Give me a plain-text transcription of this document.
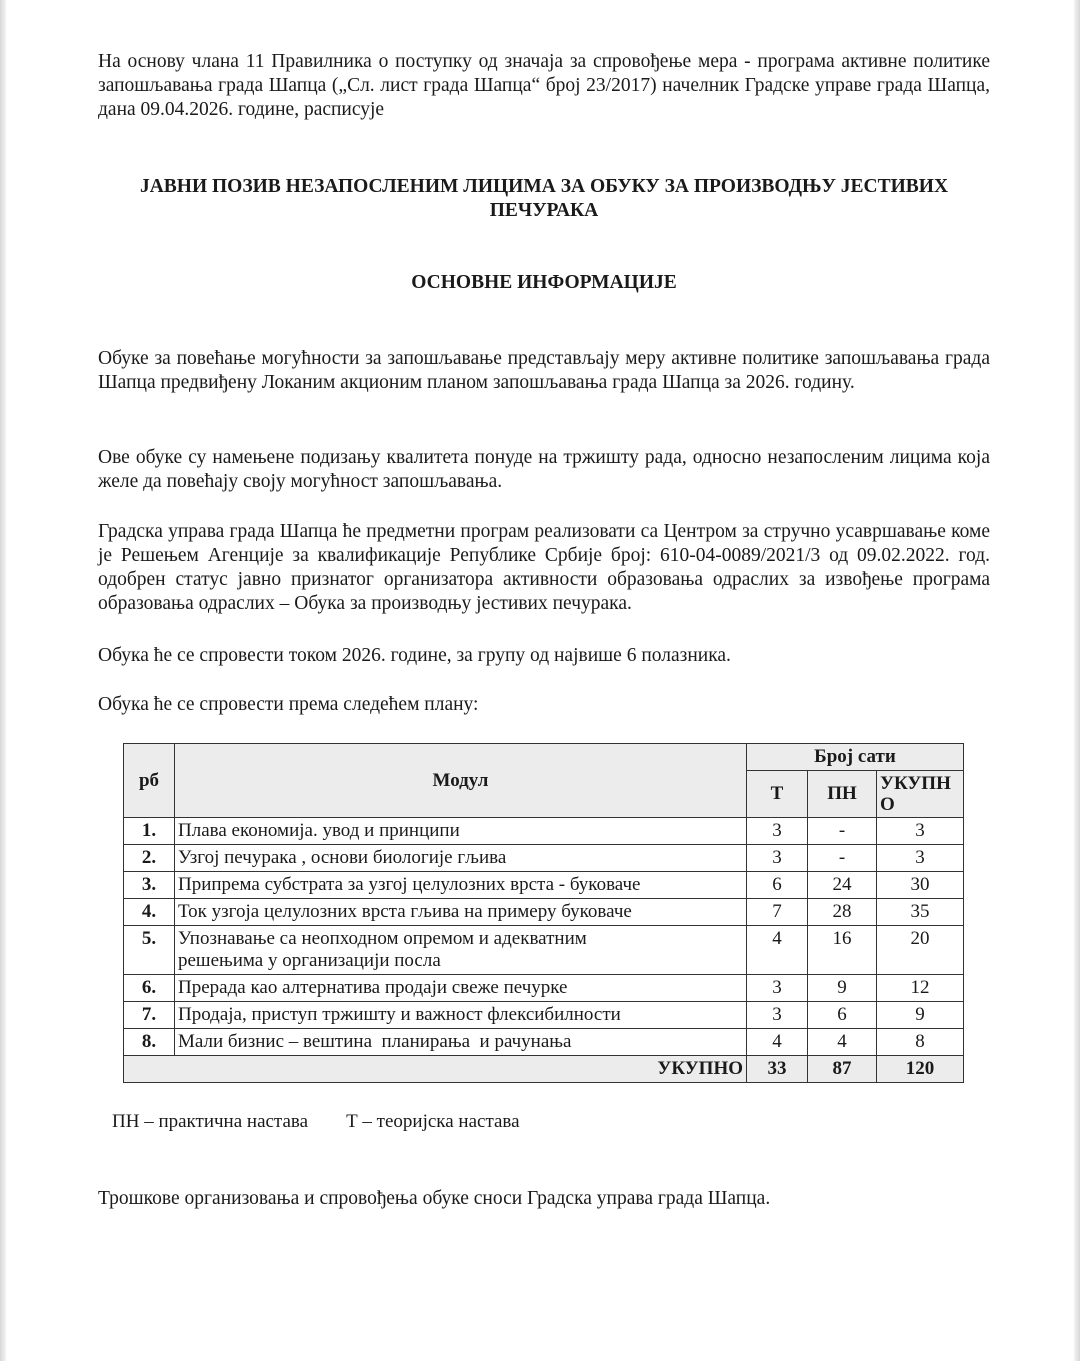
На основу члана 11 Правилника о поступку од значаја за спровођење мера - програма активне политике запошљавања града Шапца („Сл. лист града Шапца“ број 23/2017) начелник Градске управе града Шапца, дана 09.04.2026. године, расписује

ЈАВНИ ПОЗИВ НЕЗАПОСЛЕНИМ ЛИЦИМА ЗА ОБУКУ ЗА ПРОИЗВОДЊУ ЈЕСТИВИХ ПЕЧУРАКА
ОСНОВНЕ ИНФОРМАЦИЈЕ

Обуке за повећање могућности за запошљавање представљају меру активне политике запошљавања града Шапца предвиђену Локаним акционим планом запошљавања града Шапца за 2026. годину.

Ове обуке су намењене подизању квалитета понуде на тржишту рада, односно незапосленим лицима која желе да повећају своју могућност запошљавања.

Градска управа града Шапца ће предметни програм реализовати са Центром за стручно усавршавање коме је Решењем Агенције за квалификације Републике Србије број: 610-04-0089/2021/3 од 09.02.2022. год. одобрен статус јавно признатог организатора активности образовања одраслих за извођење програма образовања одраслих – Обука за производњу јестивих печурака.

Обука ће се спровести током 2026. године, за групу од највише 6 полазника.

Обука ће се спровести према следећем плану:

рб	Модул	Број сати		
		Т	ПН	УКУПНО
1.	Плава економија. увод и принципи	3	-	3
2.	Узгој печурака , основи биологије гљива	3	-	3
3.	Припрема субстрата за узгој целулозних врста - буковаче	6	24	30
4.	Ток узгоја целулозних врста гљива на примеру буковаче	7	28	35
5.	Упознавање са неопходном опремом и адекватним решењима у организацији посла	4	16	20
6.	Прерада као алтернатива продаји свеже печурке	3	9	12
7.	Продаја, приступ тржишту и важност флексибилности	3	6	9
8.	Мали бизнис – вештина  планирања  и рачунања	4	4	8
УКУПНО		33	87	120
ПН – практична настава Т – теоријска настава

Трошкове организовања и спровођења обуке сноси Градска управа града Шапца.
